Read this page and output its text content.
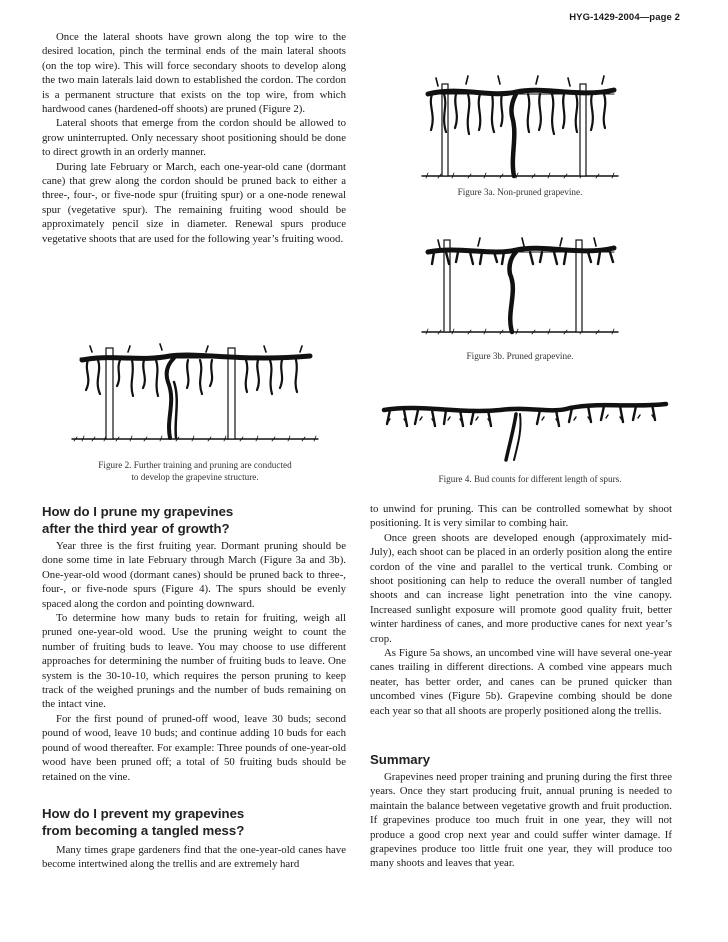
HYG-1429-2004—page 2

Once the lateral shoots have grown along the top wire to the desired location, pinch the terminal ends of the main lateral shoots (on the top wire). This will force secondary shoots to develop along the two main laterals laid down to established the cordon. The cordon is a permanent structure that exists on the top wire, from which hardwood canes (hardened-off shoots) are pruned (Figure 2).

Lateral shoots that emerge from the cordon should be allowed to grow uninterrupted. Only necessary shoot positioning should be done to direct growth in an orderly manner.

During late February or March, each one-year-old cane (dormant cane) that grew along the cordon should be pruned back to either a three-, four-, or five-node spur (fruiting spur) or a one-node renewal spur (vegetative spur). The remaining fruiting wood should be approximately pencil size in diameter. Renewal spurs produce vegetative shoots that are used for the following year’s fruiting wood.

Figure 2. Further training and pruning are conducted
to develop the grapevine structure.
Figure 3a. Non-pruned grapevine.
Figure 3b. Pruned grapevine.
Figure 4. Bud counts for different length of spurs.
How do I prune my grapevines
after the third year of growth?

Year three is the first fruiting year. Dormant pruning should be done some time in late February through March (Figure 3a and 3b). One-year-old wood (dormant canes) should be pruned back to three-, four-, or five-node spurs (Figure 4). The spurs should be evenly spaced along the cordon and pointing downward.

To determine how many buds to retain for fruiting, weigh all pruned one-year-old wood. Use the pruning weight to count the number of fruiting buds to leave. You may choose to use different approaches for determining the number of fruiting buds to leave. One system is the 30-10-10, which requires the person pruning to keep track of the weighed prunings and the number of buds remaining on the intact vine.

For the first pound of pruned-off wood, leave 30 buds; second pound of wood, leave 10 buds; and continue adding 10 buds for each pound of wood thereafter. For example: Three pounds of one-year-old wood have been pruned off; a total of 50 fruiting buds should be retained on the vine.

How do I prevent my grapevines
from becoming a tangled mess?

Many times grape gardeners find that the one-year-old canes have become intertwined along the trellis and are extremely hard

to unwind for pruning. This can be controlled somewhat by shoot positioning. It is very similar to combing hair.

Once green shoots are developed enough (approximately mid-July), each shoot can be placed in an orderly position along the entire cordon of the vine and parallel to the vertical trunk. Combing or shoot positioning can help to reduce the overall number of tangled shoots and can increase light penetration into the vine canopy. Increased sunlight exposure will promote good quality fruit, better winter hardiness of canes, and more productive canes for next year’s crop.

As Figure 5a shows, an uncombed vine will have several one-year canes trailing in different directions. A combed vine appears much neater, has better order, and canes can be pruned quicker than uncombed vines (Figure 5b). Grapevine combing should be done each year so that all shoots are properly positioned along the trellis.

Summary

Grapevines need proper training and pruning during the first three years. Once they start producing fruit, annual pruning is needed to maintain the balance between vegetative growth and fruit production. If grapevines produce too much fruit in one year, they will not produce a good crop next year and could suffer winter damage. If grapevines produce too little fruit one year, they will produce too many shoots and leaves that year.
